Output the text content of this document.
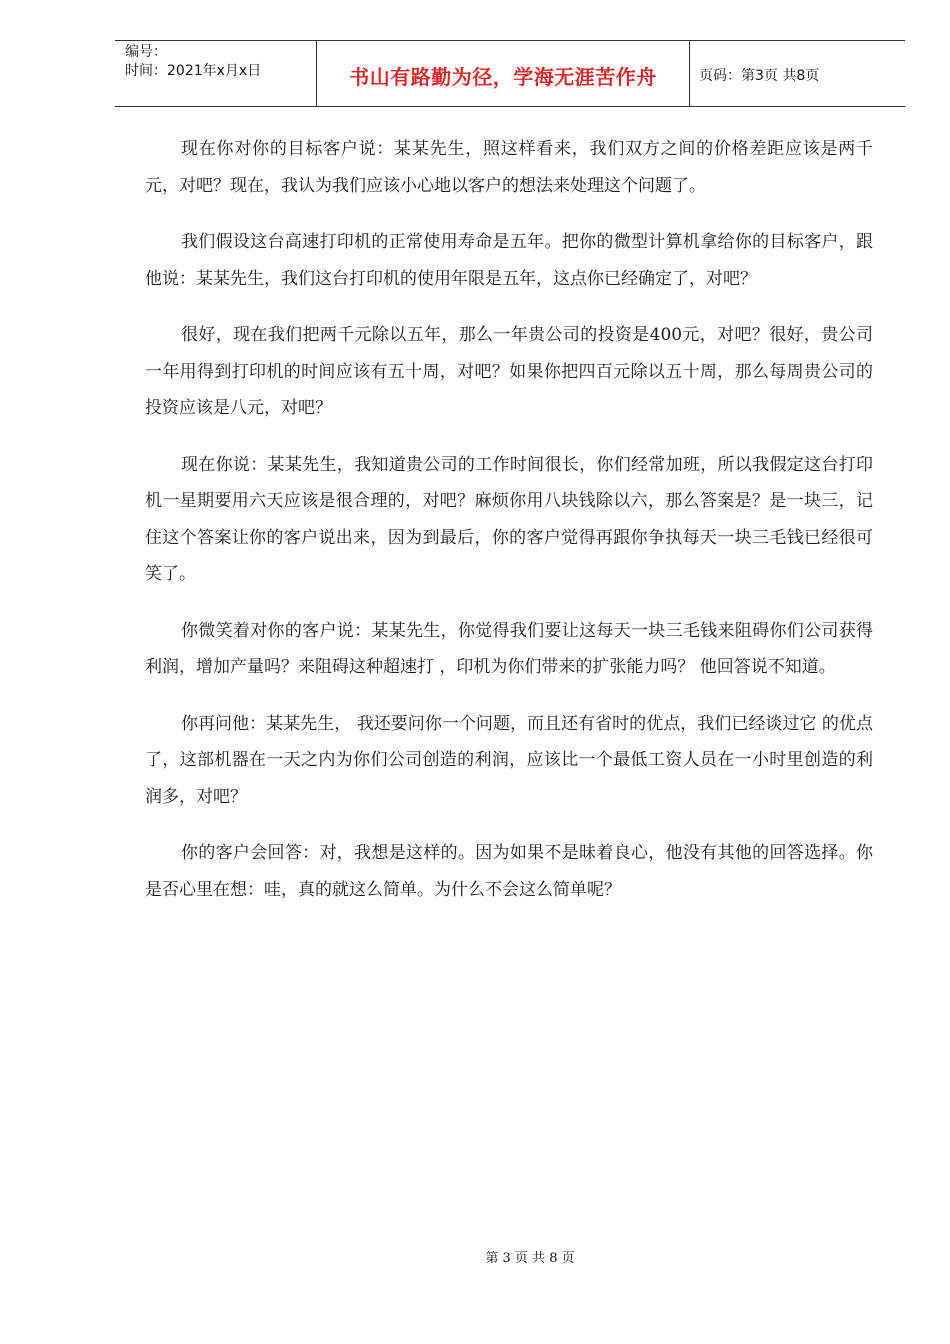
编号：
时间：2021年x月x日	书山有路勤为径，学海无涯苦作舟	页码：第3页 共8页

现在你对你的目标客户说：某某先生，照这样看来，我们双方之间的价格差距应该是两千元，对吧？现在，我认为我们应该小心地以客户的想法来处理这个问题了。

我们假设这台高速打印机的正常使用寿命是五年。把你的微型计算机拿给你的目标客户，跟他说：某某先生，我们这台打印机的使用年限是五年，这点你已经确定了，对吧？

很好，现在我们把两千元除以五年，那么一年贵公司的投资是400元，对吧？很好，贵公司一年用得到打印机的时间应该有五十周，对吧？如果你把四百元除以五十周，那么每周贵公司的投资应该是八元，对吧？

现在你说：某某先生，我知道贵公司的工作时间很长，你们经常加班，所以我假定这台打印机一星期要用六天应该是很合理的，对吧？麻烦你用八块钱除以六，那么答案是？是一块三，记住这个答案让你的客户说出来，因为到最后，你的客户觉得再跟你争执每天一块三毛钱已经很可笑了。

你微笑着对你的客户说：某某先生，你觉得我们要让这每天一块三毛钱来阻碍你们公司获得利润，增加产量吗？来阻碍这种超速打 ，印机为你们带来的扩张能力吗？ 他回答说不知道。

你再问他：某某先生， 我还要问你一个问题，而且还有省时的优点，我们已经谈过它 的优点了，这部机器在一天之内为你们公司创造的利润，应该比一个最低工资人员在一小时里创造的利润多，对吧？

你的客户会回答：对，我想是这样的。因为如果不是昧着良心，他没有其他的回答选择。你是否心里在想：哇，真的就这么简单。为什么不会这么简单呢？

第 3 页 共 8 页
